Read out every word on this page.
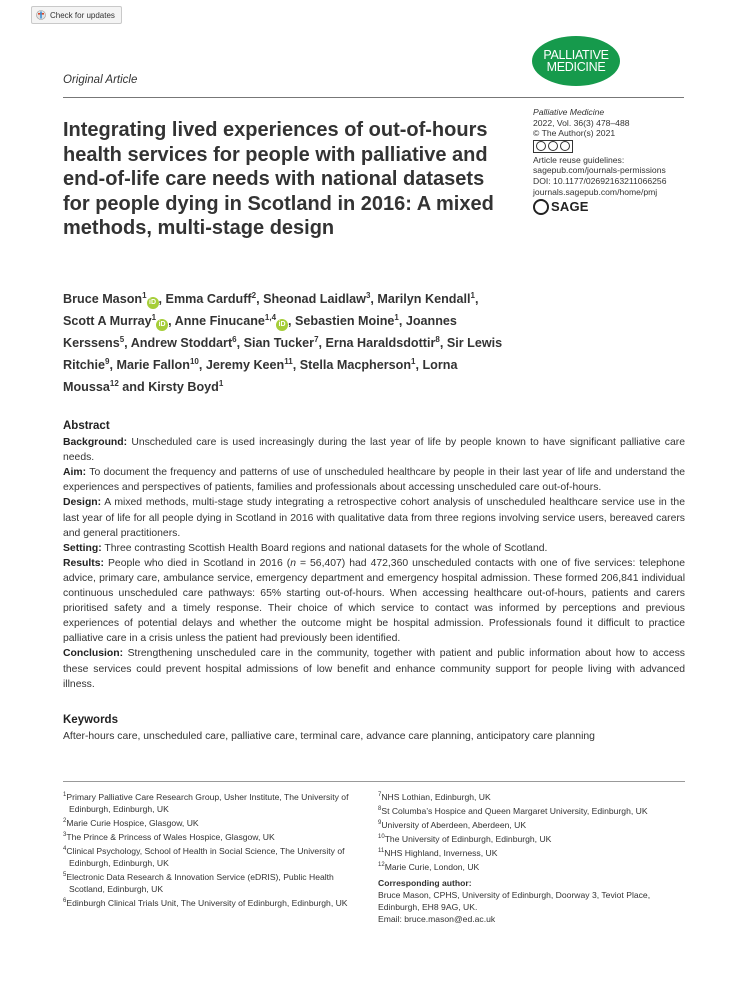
Check for updates
PALLIATIVE
MEDICINE
Original Article
Integrating lived experiences of out-of-hours health services for people with palliative and end-of-life care needs with national datasets for people dying in Scotland in 2016: A mixed methods, multi-stage design
Palliative Medicine
2022, Vol. 36(3) 478–488
© The Author(s) 2021
Article reuse guidelines:
sagepub.com/journals-permissions
DOI: 10.1177/02692163211066256
journals.sagepub.com/home/pmj
SAGE

Bruce Mason$^1$iD , Emma Carduff$^2$, Sheonad Laidlaw$^3$, Marilyn Kendall$^1$, Scott A Murray$^1$iD , Anne Finucane$^{1,4}$iD , Sebastien Moine$^1$, Joannes Kerssens$^5$, Andrew Stoddart$^6$, Sian Tucker$^7$, Erna Haraldsdottir$^8$, Sir Lewis Ritchie$^9$, Marie Fallon$^{10}$, Jeremy Keen$^{11}$, Stella Macpherson$^1$, Lorna Moussa$^{12}$ and Kirsty Boyd$^1$

Abstract

Background: Unscheduled care is used increasingly during the last year of life by people known to have significant palliative care needs.

Aim: To document the frequency and patterns of use of unscheduled healthcare by people in their last year of life and understand the experiences and perspectives of patients, families and professionals about accessing unscheduled care out-of-hours.

Design: A mixed methods, multi-stage study integrating a retrospective cohort analysis of unscheduled healthcare service use in the last year of life for all people dying in Scotland in 2016 with qualitative data from three regions involving service users, bereaved carers and general practitioners.

Setting: Three contrasting Scottish Health Board regions and national datasets for the whole of Scotland.

Results: People who died in Scotland in 2016 (n = 56,407) had 472,360 unscheduled contacts with one of five services: telephone advice, primary care, ambulance service, emergency department and emergency hospital admission. These formed 206,841 individual continuous unscheduled care pathways: 65% starting out-of-hours. When accessing healthcare out-of-hours, patients and carers prioritised safety and a timely response. Their choice of which service to contact was informed by perceptions and previous experiences of potential delays and whether the outcome might be hospital admission. Professionals found it difficult to practice palliative care in a crisis unless the patient had previously been identified.

Conclusion: Strengthening unscheduled care in the community, together with patient and public information about how to access these services could prevent hospital admissions of low benefit and enhance community support for people living with advanced illness.

Keywords
After-hours care, unscheduled care, palliative care, terminal care, advance care planning, anticipatory care planning
$^1$Primary Palliative Care Research Group, Usher Institute, The University of Edinburgh, Edinburgh, UK
$^2$Marie Curie Hospice, Glasgow, UK
$^3$The Prince & Princess of Wales Hospice, Glasgow, UK
$^4$Clinical Psychology, School of Health in Social Science, The University of Edinburgh, Edinburgh, UK
$^5$Electronic Data Research & Innovation Service (eDRIS), Public Health Scotland, Edinburgh, UK
$^6$Edinburgh Clinical Trials Unit, The University of Edinburgh, Edinburgh, UK
$^7$NHS Lothian, Edinburgh, UK
$^8$St Columba’s Hospice and Queen Margaret University, Edinburgh, UK
$^9$University of Aberdeen, Aberdeen, UK
$^{10}$The University of Edinburgh, Edinburgh, UK
$^{11}$NHS Highland, Inverness, UK
$^{12}$Marie Curie, London, UK
Corresponding author:
Bruce Mason, CPHS, University of Edinburgh, Doorway 3, Teviot Place, Edinburgh, EH8 9AG, UK.
Email: bruce.mason@ed.ac.uk
